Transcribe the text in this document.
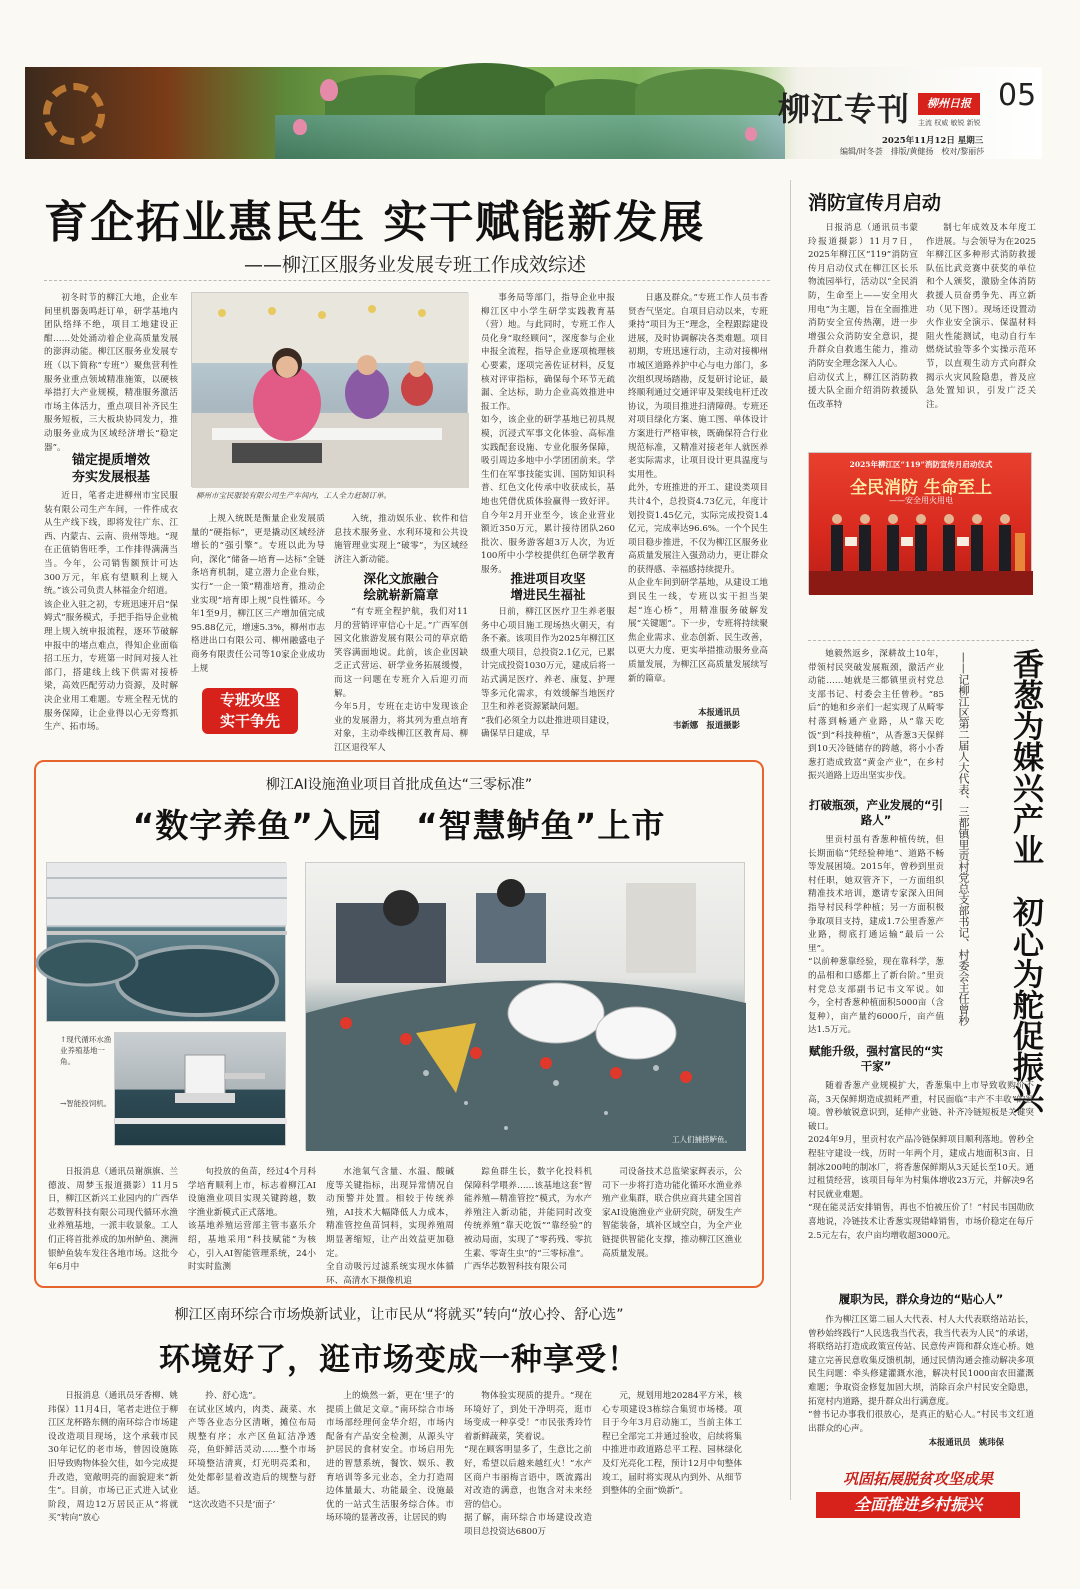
柳江专刊	柳州日报
主流 权威 敏锐 新锐
05
2025年11月12日 星期三
编辑/时冬荟　排版/黄健扬　校对/黎丽莎
育企拓业惠民生 实干赋能新发展
——柳江区服务业发展专班工作成效综述

初冬时节的柳江大地，企业车间里机器轰鸣赶订单，研学基地内团队络绎不绝，项目工地建设正酣……处处涌动着企业高质量发展的澎湃动能。柳江区服务业发展专班（以下简称“专班”）聚焦营利性服务业重点领域精准施策，以硬核举措打大产业规模，精准服务激活市场主体活力，重点项目补齐民生服务短板，三大板块协同发力，推动服务业成为区域经济增长“稳定器”。

锚定提质增效
夯实发展根基

近日，笔者走进柳州市宝民服装有限公司生产车间，一件件成衣从生产线下线，即将发往广东、江西、内蒙古、云南、贵州等地。“现在正值销售旺季，工作排得满满当当。今年，公司销售额预计可达300万元，年底有望顺利上规入统。”该公司负责人林福金介绍道。
该企业入驻之初，专班迅速开启“保姆式”服务模式，手把手指导企业梳理上规入统申报流程，逐环节破解申报中的堵点难点，得知企业面临招工压力，专班第一时间对接人社部门，搭建线上线下供需对接桥梁，高效匹配劳动力资源，及时解决企业用工难题。专班全程无忧的服务保障，让企业得以心无旁骛抓生产、拓市场。

柳州市宝民服装有限公司生产车间内，工人全力赶制订单。

上规入统既是衡量企业发展质量的“硬指标”，更是撬动区域经济增长的“强引擎”。专班以此为导向，深化“储备—培育—达标”全链条培育机制，建立潜力企业台账，实行“一企一策”精准培育，推动企业实现“培育即上规”良性循环。今年1至9月，柳江区三产增加值完成95.88亿元，增速5.3%，柳州市志格进出口有限公司、柳州融盛电子商务有限责任公司等10家企业成功上规

专班攻坚
实干争先

入统，推动娱乐业、软件和信息技术服务业、水利环境和公共设施管理业实现上“破零”，为区域经济注入新动能。

深化文旅融合
绘就崭新篇章

“有专班全程护航，我们对11月的营销评审信心十足。”广西军创园文化旅游发展有限公司的草京皓笑容满面地说。此前，该企业因缺乏正式营运、研学业务拓展缓慢，而这一问题在专班介入后迎刃而解。
今年5月，专班在走访中发现该企业的发展潜力，将其列为重点培育对象，主动牵线柳江区教育局、柳江区退役军人

事务局等部门，指导企业申报柳江区中小学生研学实践教育基（营）地。与此同时，专班工作人员化身“取经顾问”，深度参与企业申报全流程，指导企业逐项梳理核心要素，逐项完善佐证材料，反复核对评审指标，确保每个环节无疏漏、全达标，助力企业高效推进申报工作。
如今，该企业的研学基地已初具规模，沉浸式军事文化体验、高标准实践配套设施、专业化服务保障，吸引周边多地中小学团团前来。学生们在军事技能实训、国防知识科普、红色文化传承中收获成长，基地也凭借优质体验赢得一致好评。自今年2月开业至今，该企业营业额近350万元，累计接待团队260批次、服务游客超3万人次，为近100所中小学校提供红色研学教育服务。

推进项目攻坚
增进民生福祉

日前，柳江区医疗卫生养老服务中心项目施工现场热火朝天，有条不紊。该项目作为2025年柳江区级重大项目，总投资2.1亿元，已累计完成投资1030万元，建成后将一站式满足医疗、养老、康复、护理等多元化需求，有效缓解当地医疗卫生和养老资源紧缺问题。
“我们必须全力以赴推进项目建设，确保早日建成，早

日惠及群众。”专班工作人员韦香贤杏气坚定。自项目启动以来，专班秉持“项目为王”理念，全程跟踪建设进展，及时协调解决各类难题。项目初期，专班迅速行动，主动对接柳州市城区道路养护中心与电力部门，多次组织现场踏勘，反复研讨论证，最终顺利通过交通评审及架线电杆迁改协议，为项目推进扫清障碍。专班还对项目绿化方案、施工图、单体设计方案进行严格审核，既确保符合行业规范标准，又精准对接老年人就医养老实际需求，让项目设计更具温度与实用性。
此外，专班推进的开工、建设类项目共计4个，总投资4.73亿元，年度计划投资1.45亿元，实际完成投资1.4亿元，完成率达96.6%。一个个民生项目稳步推进，不仅为柳江区服务业高质量发展注入强劲动力，更让群众的获得感、幸福感持续提升。
从企业车间到研学基地，从建设工地到民生一线，专班以实干担当架起“连心桥”，用精准服务破解发展“关键题”。下一步，专班将持续聚焦企业需求、业态创新、民生改善，以更大力度、更实举措推动服务业高质量发展，为柳江区高质量发展续写新的篇章。

本报通讯员
韦新娜　报道摄影
消防宣传月启动

日报消息（通讯员韦蒙玲报道摄影）11月7日，2025年柳江区“119”消防宣传月启动仪式在柳江区长乐物流园举行，活动以“全民消防，生命至上——安全用火用电”为主题，旨在全面推进消防安全宣传热潮，进一步增强公众消防安全意识，提升群众自救逃生能力，推动消防安全理念深入人心。
启动仪式上，柳江区消防救援大队全面介绍消防救援队伍改革特

制七年成效及本年度工作进展。与会领导为在2025年柳江区多种形式消防救援队伍比武竞赛中获奖的单位和个人颁奖，激励全体消防救援人员奋勇争先、再立新功（见下图）。现场还设置动火作业安全演示、保温材料阻火性能测试，电动自行车燃烧试验等多个实操示范环节，以直观生动方式向群众揭示火灾风险隐患，普及应急处置知识，引发广泛关注。

2025年柳江区“119”消防宣传月启动仪式
全民消防 生命至上
——安全用火用电
香葱为媒兴产业　初心为舵促振兴
——记柳江区第二届人大代表、三都镇里贡村党总支部书记、村委会主任曾秒

她毅然返乡，深耕故土10年，带领村民突破发展瓶颈，激活产业动能……她就是三都镇里贡村党总支部书记、村委会主任曾秒。“85后”的她和乡亲们一起实现了从畸零村落到畅通产业路，从“靠天吃饭”到“科技种植”，从香葱3天保鲜到10天冷链储存的跨越，将小小香葱打造成致富“黄金产业”，在乡村振兴道路上迈出坚实步伐。

打破瓶颈，产业发展的“引路人”

里贡村虽有香葱种植传统，但长期面临“凭经验种地”、道路不畅等发展困境。2015年，曾秒到里贡村任职，她双管齐下，一方面组织精准技术培训，邀请专家深入田间指导村民科学种植；另一方面积极争取项目支持，建成1.7公里香葱产业路，彻底打通运输“最后一公里”。
“以前种葱靠经验，现在靠科学，葱的品相和口感都上了新台阶。”里贡村党总支部副书记韦文军说。如今，全村香葱种植面积5000亩（含复种），亩产量约6000斤，亩产值达1.5万元。

赋能升级，强村富民的“实干家”

随着香葱产业规模扩大，香葱集中上市导致收购价不高，3天保鲜期造成损耗严重，村民面临“丰产不丰收”的窘境。曾秒敏锐意识到，延伸产业链、补齐冷链短板是关键突破口。
2024年9月，里贡村农产品冷链保鲜项目顺利落地。曾秒全程驻守建设一线，历时一年两个月，建成占地面积3亩、日制冰200吨的制冰厂，将香葱保鲜期从3天延长至10天。通过租赁经营，该项目每年为村集体增收23万元，并解决9名村民就业难题。
“现在能灵活安排销售，再也不怕被压价了！”村民韦国勋欣喜地说，冷链技术让香葱实现错峰销售，市场价稳定在每斤2.5元左右，农户亩均增收超3000元。

履职为民，群众身边的“贴心人”

作为柳江区第二届人大代表、村人大代表联络站站长，曾秒始终践行“人民选我当代表，我当代表为人民”的承诺，将联络站打造成政策宣传站、民意传声筒和群众连心桥。她建立完善民意收集反馈机制，通过民情沟通会推动解决多项民生问题：牵头修建灌溉水池，解决村民1000亩农田灌溉难题；争取资金修复加固大坝，消除百余户村民安全隐患，拓宽村内道路，提升群众出行满意度。
“曾书记办事我们很放心，是真正的贴心人。”村民韦文红道出群众的心声。

本报通讯员　姚玮保
巩固拓展脱贫攻坚成果
全面推进乡村振兴
柳江AI设施渔业项目首批成鱼达“三零标准”
“数字养鱼”入园　“智慧鲈鱼”上市
↑现代循环水渔业养殖基地一角。
→智能投饲机。
工人们捕捞鲈鱼。

日报消息（通讯员谢旗旗、兰德波、周梦玉报道摄影）11月5日，柳江区新兴工业园内的广西华芯数智科技有限公司现代循环水渔业养殖基地，一派丰收景象。工人们正将首批养成的加州鲈鱼、澳洲银鲈鱼装车发往各地市场。这批今年6月中

旬投放的鱼苗，经过4个月科学培育顺利上市，标志着柳江AI设施渔业项目实现关键跨越，数字渔业新模式正式落地。
该基地养殖运营部主管韦嘉乐介绍，基地采用“科技赋能”为核心，引入AI智能管理系统，24小时实时监测

水池氧气含量、水温、酸碱度等关键指标，出现异常情况自动预警并处置。相较于传统养殖，AI技术大幅降低人力成本，精准管控鱼苗饲料，实现养殖周期显著缩短，让产出效益更加稳定。
全自动吸污过滤系统实现水体循环、高清水下摄像机追

踪鱼群生长，数字化投料机保障科学喂养……该基地这套“智能养殖—精准管控”模式，为水产养殖注入新动能，并能同时改变传统养殖“靠天吃饭”“靠经验”的被动局面，实现了“零药残、零抗生素、零寄生虫”的“三零标准”。
广西华芯数智科技有限公司

司设备技术总监梁家辉表示，公司下一步将打造功能化循环水渔业养殖产业集群，联合供应商共建全国首家AI设施渔业产业研究院，研发生产智能装备，填补区域空白，为全产业链提供智能化支撑，推动柳江区渔业高质量发展。

柳江区南环综合市场焕新试业，让市民从“将就买”转向“放心拎、舒心选”
环境好了，逛市场变成一种享受！

日报消息（通讯员牙香柳、姚玮保）11月4日，笔者走进位于柳江区龙杯路东侧的南环综合市场建设改造项目现场，这个承载市民30年记忆的老市场，曾因设施陈旧导致购物体验欠佳，如今完成提升改造，宽敞明亮的面貌迎来“新生”。目前，市场已正式进入试业阶段，周边12万居民正从“将就买”转向“放心

拎、舒心选”。
在试业区域内，肉类、蔬菜、水产等各业态分区清晰，摊位布局规整有序；水产区鱼缸洁净透亮，鱼虾鲜活灵动……整个市场环境整洁清爽，灯光明亮柔和，处处都彰显着改造后的规整与舒适。
“这次改造不只是‘面子’

上的焕然一新，更在‘里子’的提质上做足文章。”南环综合市场市场部经理何金华介绍，市场内配备有产品安全检测，从源头守护居民的食材安全。市场启用先进的智慧系统，餐饮、娱乐、教育培训等多元业态，全力打造周边体量最大、功能最全、设施最优的一站式生活服务综合体。市场环境的显著改善，让居民的购

物体验实现质的提升。“现在环境好了，到处干净明亮，逛市场变成一种享受！”市民张秀玲竹着新鲜蔬菜，笑着说。
“现在顾客明显多了，生意比之前好，希望以后越来越红火！”水产区商户韦丽梅言语中，既流露出对改造的满意，也饱含对未来经营的信心。
据了解，南环综合市场建设改造项目总投资达6800万

元，规划用地20284平方米，核心专项建设3栋综合集贸市场楼。项目于今年3月启动施工，当前主体工程已全部完工并通过验收，启续将集中推进市政道路总平工程、园林绿化及灯光亮化工程，预计12月中旬整体竣工，届时将实现从内到外、从细节到整体的全面“焕新”。
